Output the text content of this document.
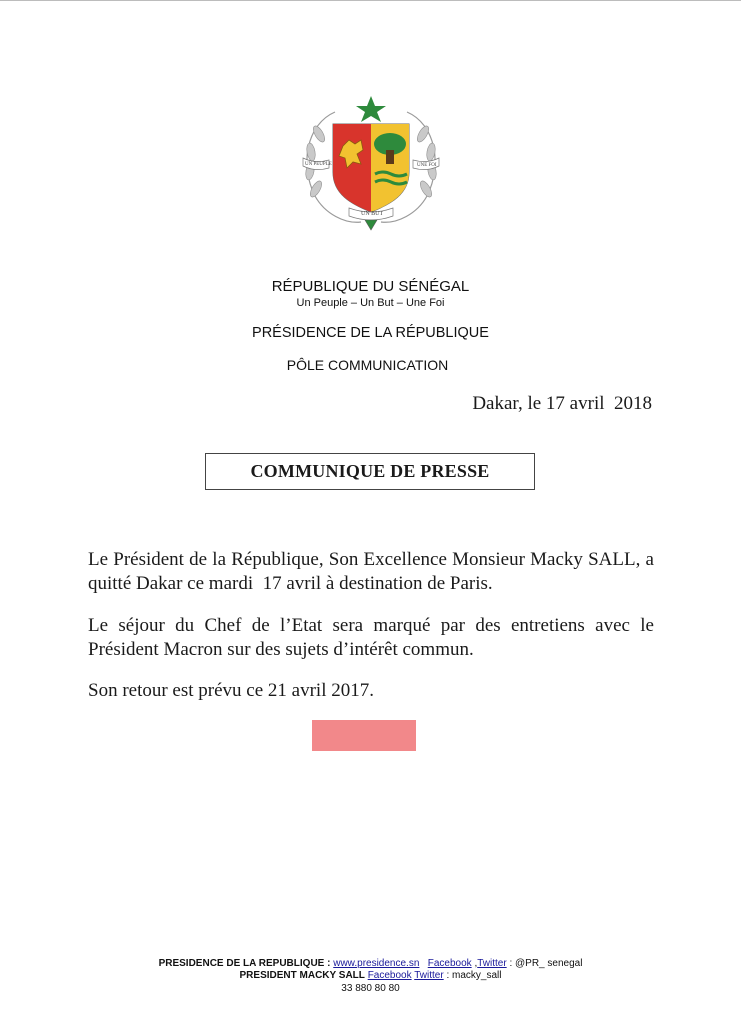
UN PEUPLE	UNE FOI
UN BUT
RÉPUBLIQUE DU SÉNÉGAL
Un Peuple – Un But – Une Foi
PRÉSIDENCE DE LA RÉPUBLIQUE
PÔLE COMMUNICATION
Dakar, le 17 avril  2018
COMMUNIQUE DE PRESSE

Le Président de la République, Son Excellence Monsieur Macky SALL, a quitté Dakar ce mardi  17 avril à destination de Paris.

Le séjour du Chef de l’Etat sera marqué par des entretiens avec le Président Macron sur des sujets d’intérêt commun.

Son retour est prévu ce 21 avril 2017.

PRESIDENCE DE LA REPUBLIQUE : www.presidence.sn Facebook ,Twitter : @PR_ senegal
PRESIDENT MACKY SALL Facebook Twitter : macky_sall
33 880 80 80
